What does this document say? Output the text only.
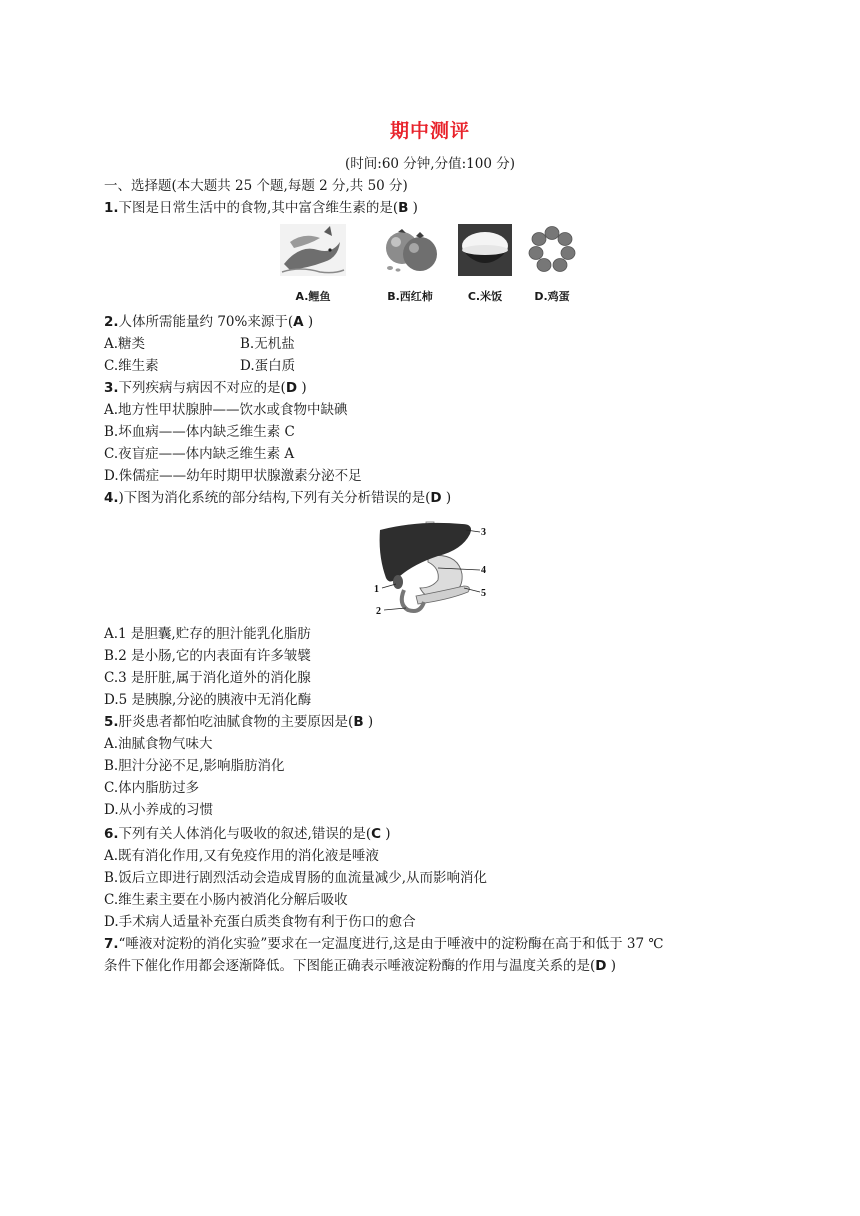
期中测评
(时间:60 分钟,分值:100 分)
一、选择题(本大题共 25 个题,每题 2 分,共 50 分)
1.下图是日常生活中的食物,其中富含维生素的是(B )
A.鲤鱼	B.西红柿	C.米饭	D.鸡蛋
2.人体所需能量约 70%来源于(A )
A.糖类	B.无机盐
C.维生素	D.蛋白质
3.下列疾病与病因不对应的是(D )
A.地方性甲状腺肿——饮水或食物中缺碘
B.坏血病——体内缺乏维生素 C
C.夜盲症——体内缺乏维生素 A
D.侏儒症——幼年时期甲状腺激素分泌不足
4.)下图为消化系统的部分结构,下列有关分析错误的是(D )
3
4
5
1
2
A.1 是胆囊,贮存的胆汁能乳化脂肪
B.2 是小肠,它的内表面有许多皱襞
C.3 是肝脏,属于消化道外的消化腺
D.5 是胰腺,分泌的胰液中无消化酶
5.肝炎患者都怕吃油腻食物的主要原因是(B )
A.油腻食物气味大
B.胆汁分泌不足,影响脂肪消化
C.体内脂肪过多
D.从小养成的习惯
6.下列有关人体消化与吸收的叙述,错误的是(C )
A.既有消化作用,又有免疫作用的消化液是唾液
B.饭后立即进行剧烈活动会造成胃肠的血流量减少,从而影响消化
C.维生素主要在小肠内被消化分解后吸收
D.手术病人适量补充蛋白质类食物有利于伤口的愈合
7.“唾液对淀粉的消化实验”要求在一定温度进行,这是由于唾液中的淀粉酶在高于和低于 37 ℃
条件下催化作用都会逐渐降低。下图能正确表示唾液淀粉酶的作用与温度关系的是(D )
